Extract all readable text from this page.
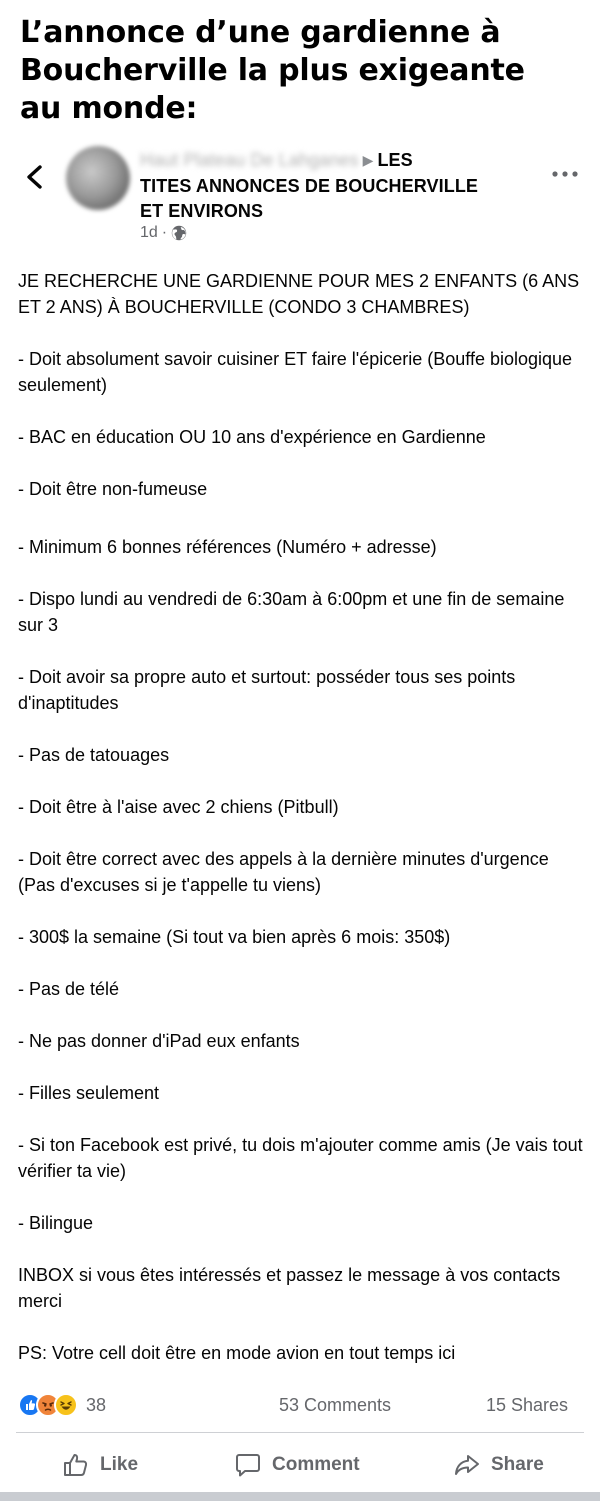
L’annonce d’une gardienne à
Boucherville la plus exigeante
au monde:
Haut Plateau De Lahganes ▶ LES
TITES ANNONCES DE BOUCHERVILLE
ET ENVIRONS
1d ·

JE RECHERCHE UNE GARDIENNE POUR MES 2 ENFANTS (6 ANS ET 2 ANS) À BOUCHERVILLE (CONDO 3 CHAMBRES)

- Doit absolument savoir cuisiner ET faire l'épicerie (Bouffe biologique seulement)

- BAC en éducation OU 10 ans d'expérience en Gardienne

- Doit être non-fumeuse

- Minimum 6 bonnes références (Numéro + adresse)

- Dispo lundi au vendredi de 6:30am à 6:00pm et une fin de semaine sur 3

- Doit avoir sa propre auto et surtout: posséder tous ses points d'inaptitudes

- Pas de tatouages

- Doit être à l'aise avec 2 chiens (Pitbull)

- Doit être correct avec des appels à la dernière minutes d'urgence (Pas d'excuses si je t'appelle tu viens)

- 300$ la semaine (Si tout va bien après 6 mois: 350$)

- Pas de télé

- Ne pas donner d'iPad eux enfants

- Filles seulement

- Si ton Facebook est privé, tu dois m'ajouter comme amis (Je vais tout vérifier ta vie)

- Bilingue

INBOX si vous êtes intéressés et passez le message à vos contacts merci

PS: Votre cell doit être en mode avion en tout temps ici

38	53 Comments	15 Shares
Like	Comment	Share
